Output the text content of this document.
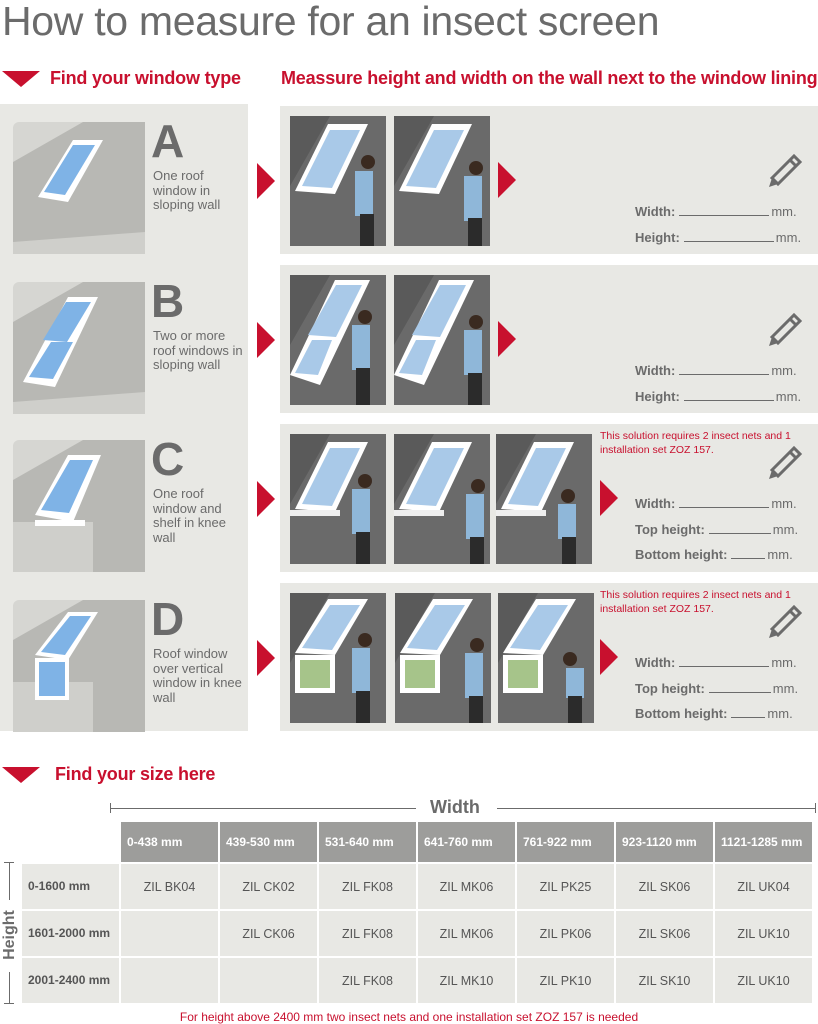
How to measure for an insect screen
Find your window type Meassure height and width on the wall next to the window lining
A
One roof window in sloping wall
B
Two or more roof windows in sloping wall
C
One roof window and shelf in knee wall
D
Roof window over vertical window in knee wall
Width:	mm.
Height:	mm.
Width:	mm.
Height:	mm.
This solution requires 2 insect nets and 1 installation set ZOZ 157.
Width:	mm.
Top height:	mm.
Bottom height:	mm.
This solution requires 2 insect nets and 1 installation set ZOZ 157.
Width:	mm.
Top height:	mm.
Bottom height:	mm.
Find your size here
Width
Height
	0-438 mm	439-530 mm	531-640 mm	641-760 mm	761-922 mm	923-1120 mm	1121-1285 mm
0-1600 mm	ZIL BK04	ZIL CK02	ZIL FK08	ZIL MK06	ZIL PK25	ZIL SK06	ZIL UK04
1601-2000 mm		ZIL CK06	ZIL FK08	ZIL MK06	ZIL PK06	ZIL SK06	ZIL UK10
2001-2400 mm			ZIL FK08	ZIL MK10	ZIL PK10	ZIL SK10	ZIL UK10
For height above 2400 mm two insect nets and one installation set ZOZ 157 is needed
